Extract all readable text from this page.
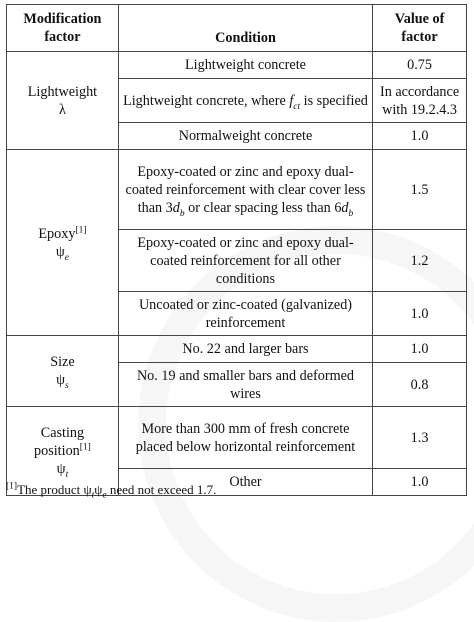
Modification
factor	Condition	Value of
factor
Lightweight
λ	Lightweight concrete	0.75
	Lightweight concrete, where $f_{ct}$ is specified	In accordance with 19.2.4.3
	Normalweight concrete	1.0
Epoxy[1]
$\psi_e$	Epoxy-coated or zinc and epoxy dual-coated reinforcement with clear cover less than $3d_b$ or clear spacing less than $6d_b$	1.5
	Epoxy-coated or zinc and epoxy dual-coated reinforcement for all other conditions	1.2
	Uncoated or zinc-coated (galvanized) reinforcement	1.0
Size
$\psi_s$	No. 22 and larger bars	1.0
	No. 19 and smaller bars and deformed wires	0.8
Casting
position[1]
$\psi_t$	More than 300 mm of fresh concrete placed below horizontal reinforcement	1.3
	Other	1.0
[1]The product $\psi_t\psi_e$ need not exceed 1.7.
